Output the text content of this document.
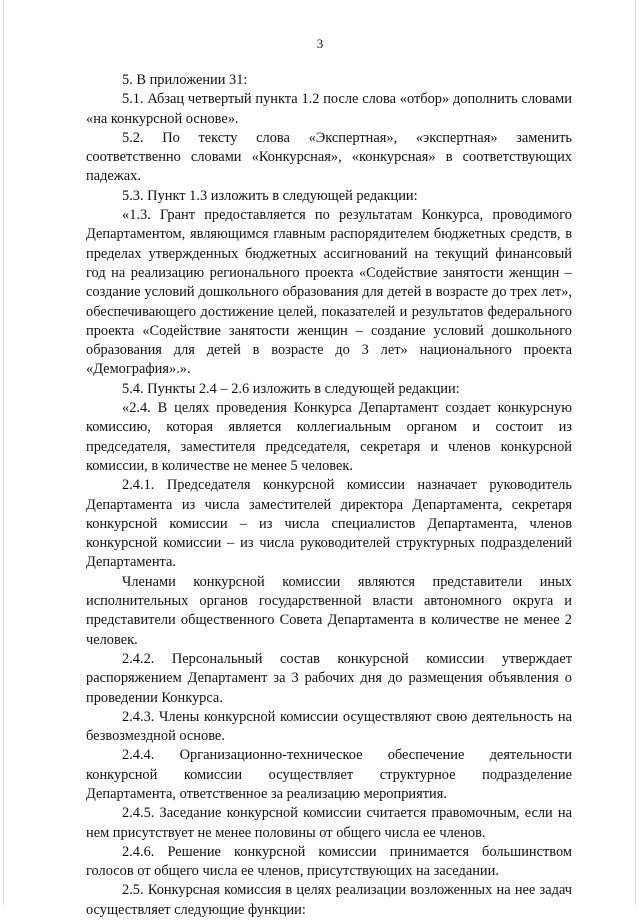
3

5. В приложении 31:

5.1. Абзац четвертый пункта 1.2 после слова «отбор» дополнить словами «на конкурсной основе».

5.2. По тексту слова «Экспертная», «экспертная» заменить соответственно словами «Конкурсная», «конкурсная» в соответствующих падежах.

5.3. Пункт 1.3 изложить в следующей редакции:

«1.3. Грант предоставляется по результатам Конкурса, проводимого Департаментом, являющимся главным распорядителем бюджетных средств, в пределах утвержденных бюджетных ассигнований на текущий финансовый год на реализацию регионального проекта «Содействие занятости женщин – создание условий дошкольного образования для детей в возрасте до трех лет», обеспечивающего достижение целей, показателей и результатов федерального проекта «Содействие занятости женщин – создание условий дошкольного образования для детей в возрасте до 3 лет» национального проекта «Демография».».

5.4. Пункты 2.4 – 2.6 изложить в следующей редакции:

«2.4. В целях проведения Конкурса Департамент создает конкурсную комиссию, которая является коллегиальным органом и состоит из председателя, заместителя председателя, секретаря и членов конкурсной комиссии, в количестве не менее 5 человек.

2.4.1. Председателя конкурсной комиссии назначает руководитель Департамента из числа заместителей директора Департамента, секретаря конкурсной комиссии – из числа специалистов Департамента, членов конкурсной комиссии – из числа руководителей структурных подразделений Департамента.

Членами конкурсной комиссии являются представители иных исполнительных органов государственной власти автономного округа и представители общественного Совета Департамента в количестве не менее 2 человек.

2.4.2. Персональный состав конкурсной комиссии утверждает распоряжением Департамент за 3 рабочих дня до размещения объявления о проведении Конкурса.

2.4.3. Члены конкурсной комиссии осуществляют свою деятельность на безвозмездной основе.

2.4.4. Организационно-техническое обеспечение деятельности конкурсной комиссии осуществляет структурное подразделение Департамента, ответственное за реализацию мероприятия.

2.4.5. Заседание конкурсной комиссии считается правомочным, если на нем присутствует не менее половины от общего числа ее членов.

2.4.6. Решение конкурсной комиссии принимается большинством голосов от общего числа ее членов, присутствующих на заседании.

2.5. Конкурсная комиссия в целях реализации возложенных на нее задач осуществляет следующие функции:
